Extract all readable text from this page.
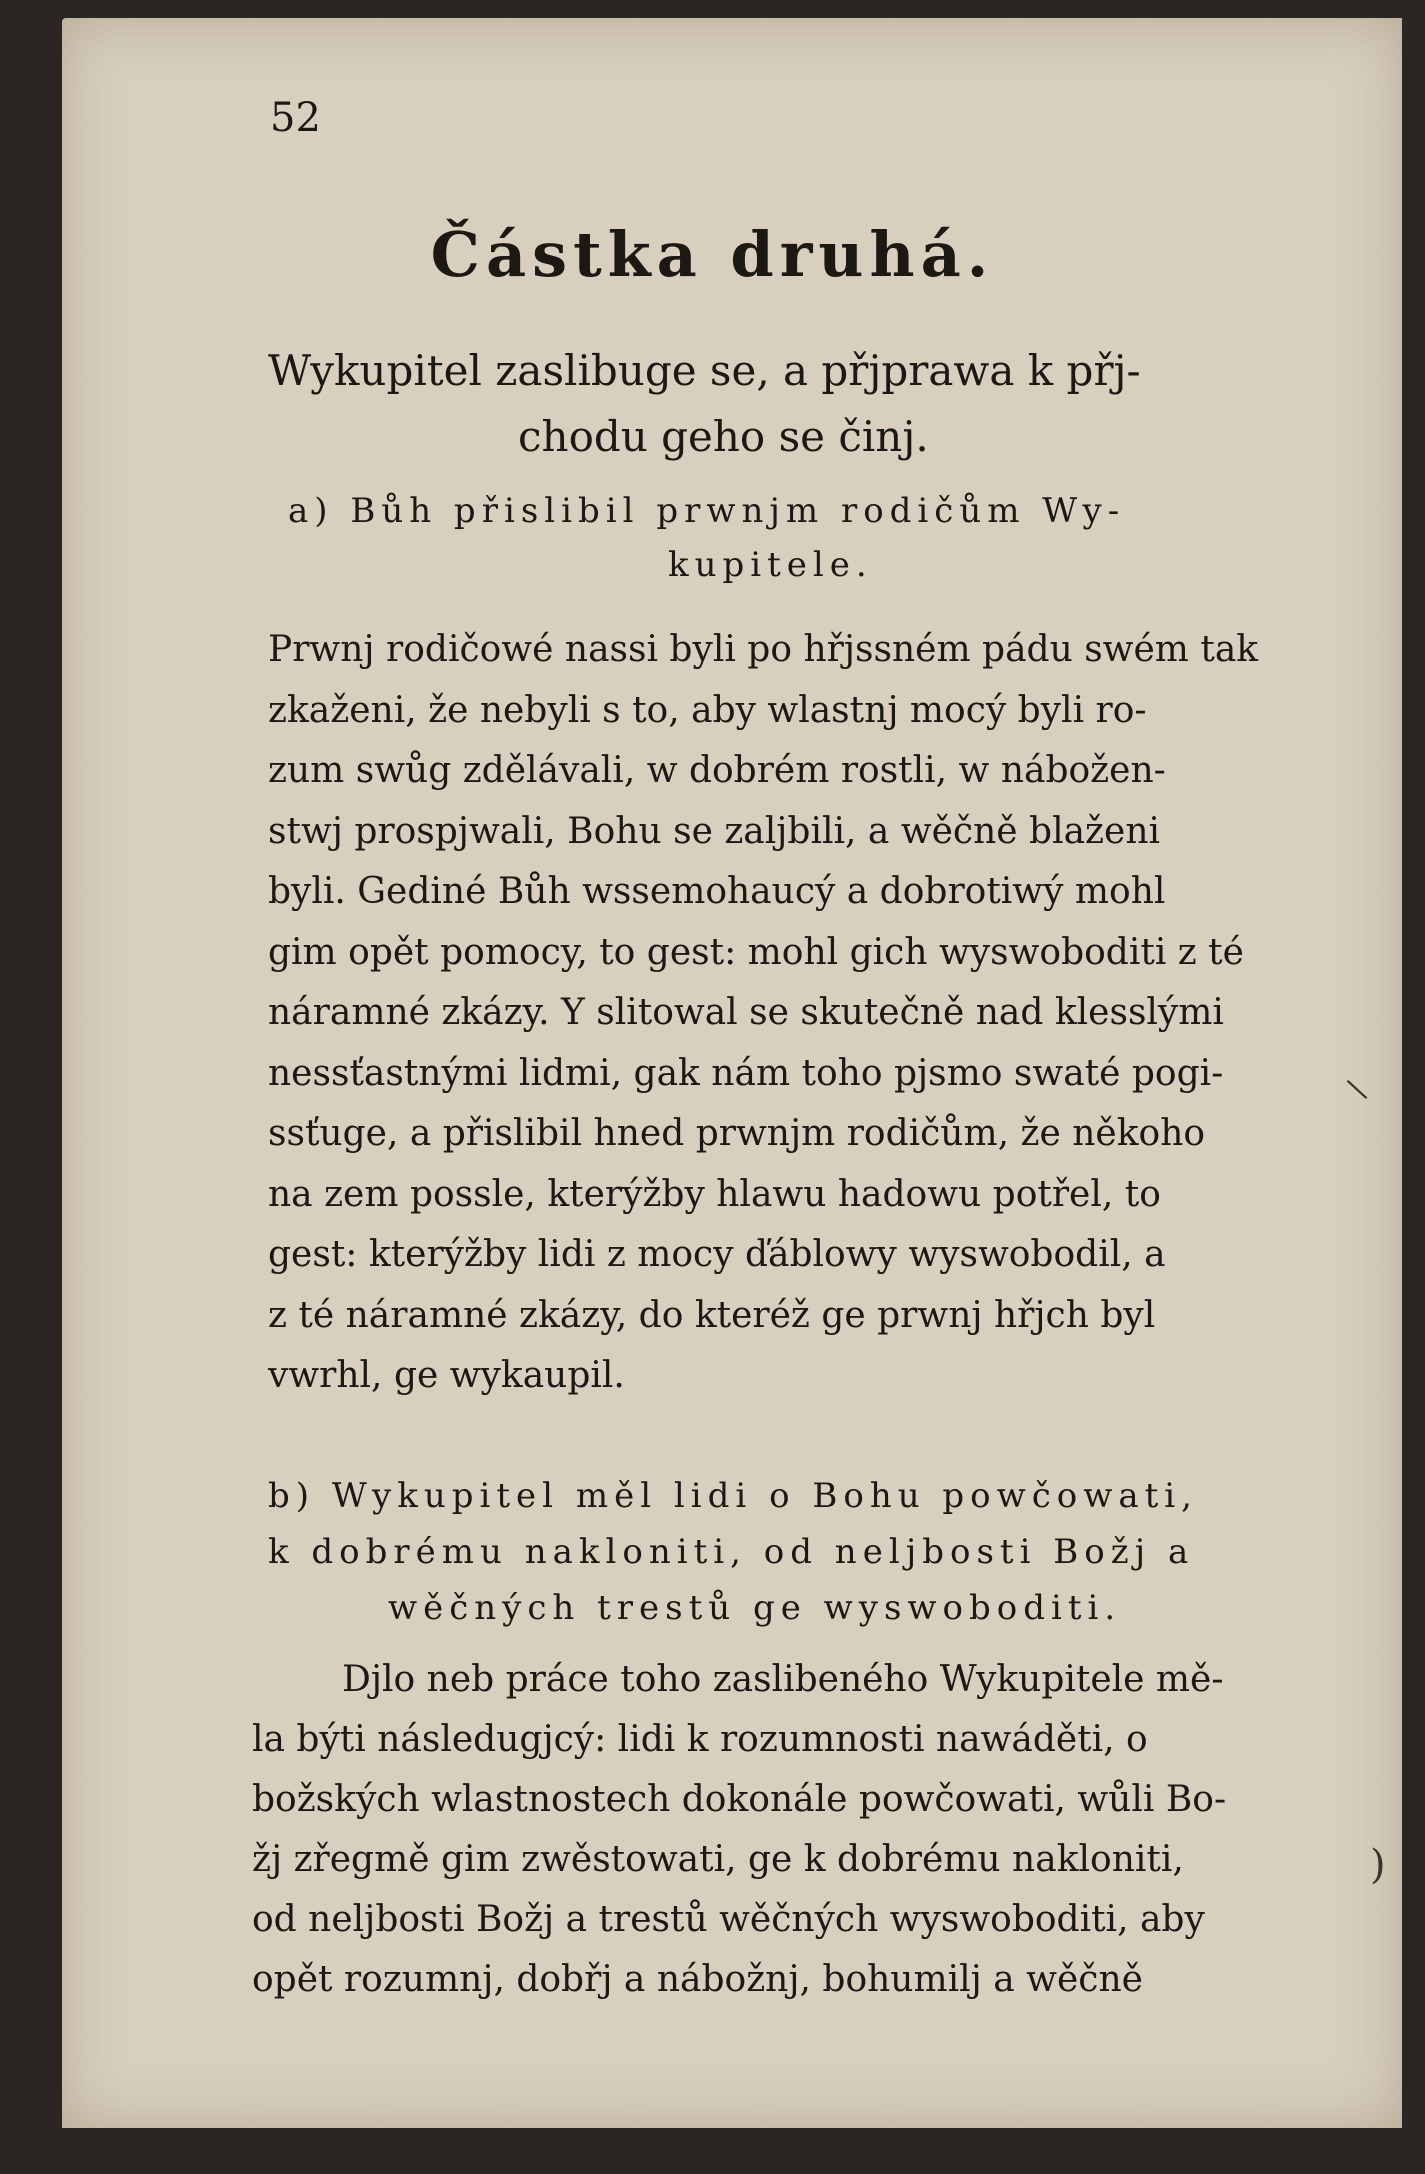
52

Částka druhá.
Wykupitel zaslibuge se, a přjprawa k přj-
chodu geho se činj.
a) Bůh přislibil prwnjm rodičům Wy-
kupitele.
Prwnj rodičowé nassi byli po hřjssném pádu swém tak
zkaženi, že nebyli s to, aby wlastnj mocý byli ro-
zum swůg zdělávali, w dobrém rostli, w nábožen-
stwj prospjwali, Bohu se zaljbili, a wěčně blaženi
byli. Gediné Bůh wssemohaucý a dobrotiwý mohl
gim opět pomocy, to gest: mohl gich wyswoboditi z té
náramné zkázy. Y slitowal se skutečně nad klesslými
nessťastnými lidmi, gak nám toho pjsmo swaté pogi-
ssťuge, a přislibil hned prwnjm rodičům, že někoho
na zem possle, kterýžby hlawu hadowu potřel, to
gest: kterýžby lidi z mocy ďáblowy wyswobodil, a
z té náramné zkázy, do kteréž ge prwnj hřjch byl
vwrhl, ge wykaupil.
b) Wykupitel měl lidi o Bohu powčowati,
k dobrému nakloniti, od neljbosti Božj a
wěčných trestů ge wyswoboditi.
Djlo neb práce toho zaslibeného Wykupitele mě-
la býti následugjcý: lidi k rozumnosti nawáděti, o
božských wlastnostech dokonále powčowati, wůli Bo-
žj zřegmě gim zwěstowati, ge k dobrému nakloniti,
od neljbosti Božj a trestů wěčných wyswoboditi, aby
opět rozumnj, dobřj a nábožnj, bohumilj a wěčně
\
)
